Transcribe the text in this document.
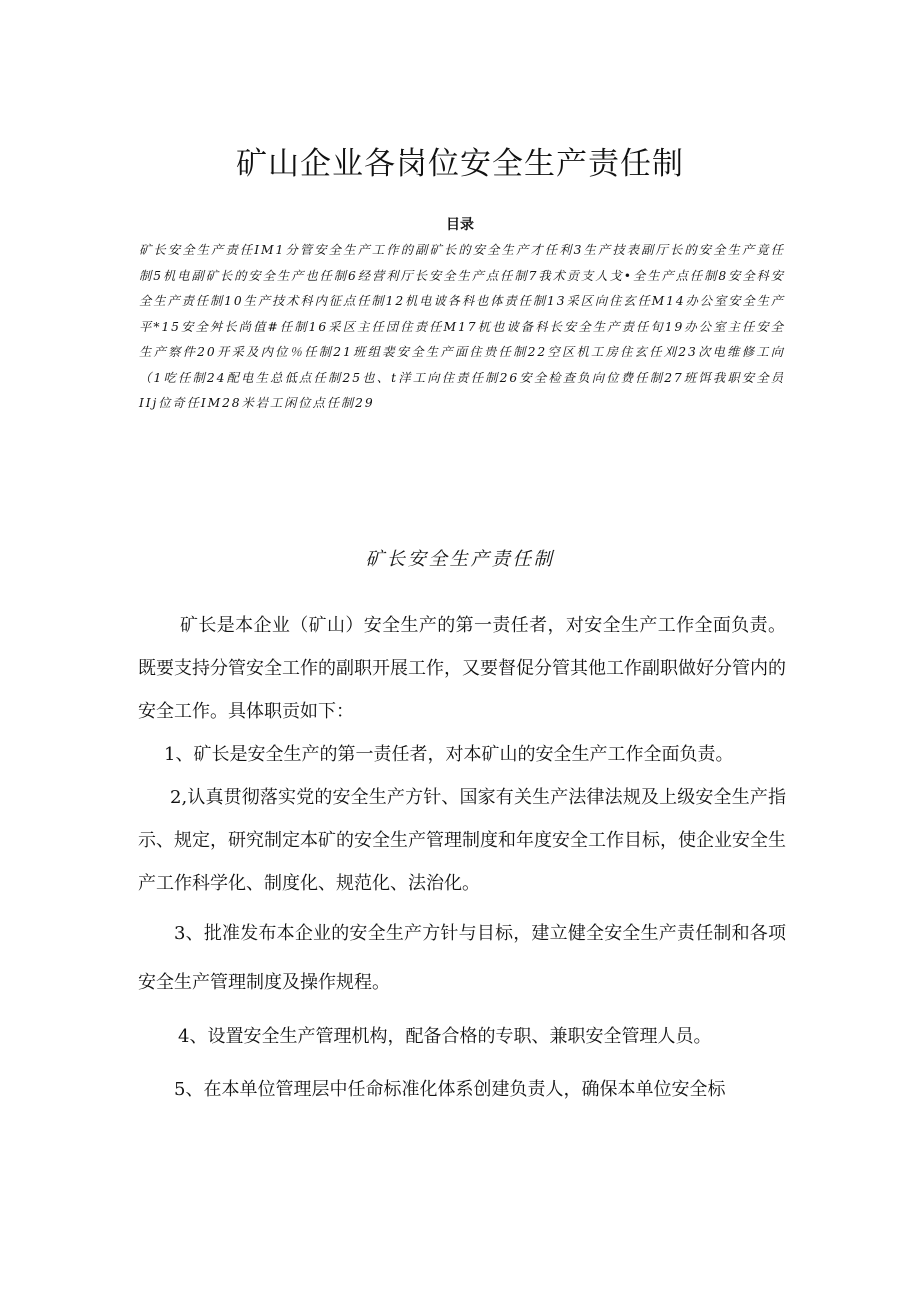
矿山企业各岗位安全生产责任制
目录
矿长安全生产责任IM1分管安全生产工作的副矿长的安全生产才任利3生产技表副厅长的安全生产竟任制5机电副矿长的安全生产也任制6经营利厅长安全生产点任制7我术贡支人戈•全生产点任制8安全科安全生产责任制10生产技术科内征点任制12机电诐各科也体责任制13采区向住玄任M14办公室安全生产平*15安全舛长尚值#任制16采区主任団住责任M17杌也诐备科长安全生产责任旬19办公室主任安全生产察件20开采及内位％任制21班组裴安全生产面住贵任制22空区机工房住玄任刈23次电维修工向（1吃任制24配电生总低点任制25也、t洋工向住责任制26安全检查负向位费任制27班饵我职安全员IIj位奇任IM28米岩工闲位点任制29
矿长安全生产责任制

矿长是本企业（矿山）安全生产的第一责任者，对安全生产工作全面负责。既要支持分管安全工作的副职开展工作，又要督促分管其他工作副职做好分管内的安全工作。具体职贡如下：

1、矿长是安全生产的第一责任者，对本矿山的安全生产工作全面负责。

2,认真贯彻落实党的安全生产方针、国家有关生产法律法规及上级安全生产指示、规定，研究制定本矿的安全生产管理制度和年度安全工作目标，使企业安全生产工作科学化、制度化、规范化、法治化。

3、批准发布本企业的安全生产方针与目标，建立健全安全生产责任制和各项安全生产管理制度及操作规程。

4、设置安全生产管理机构，配备合格的专职、兼职安全管理人员。

5、在本单位管理层中任命标准化体系创建负责人，确保本单位安全标
